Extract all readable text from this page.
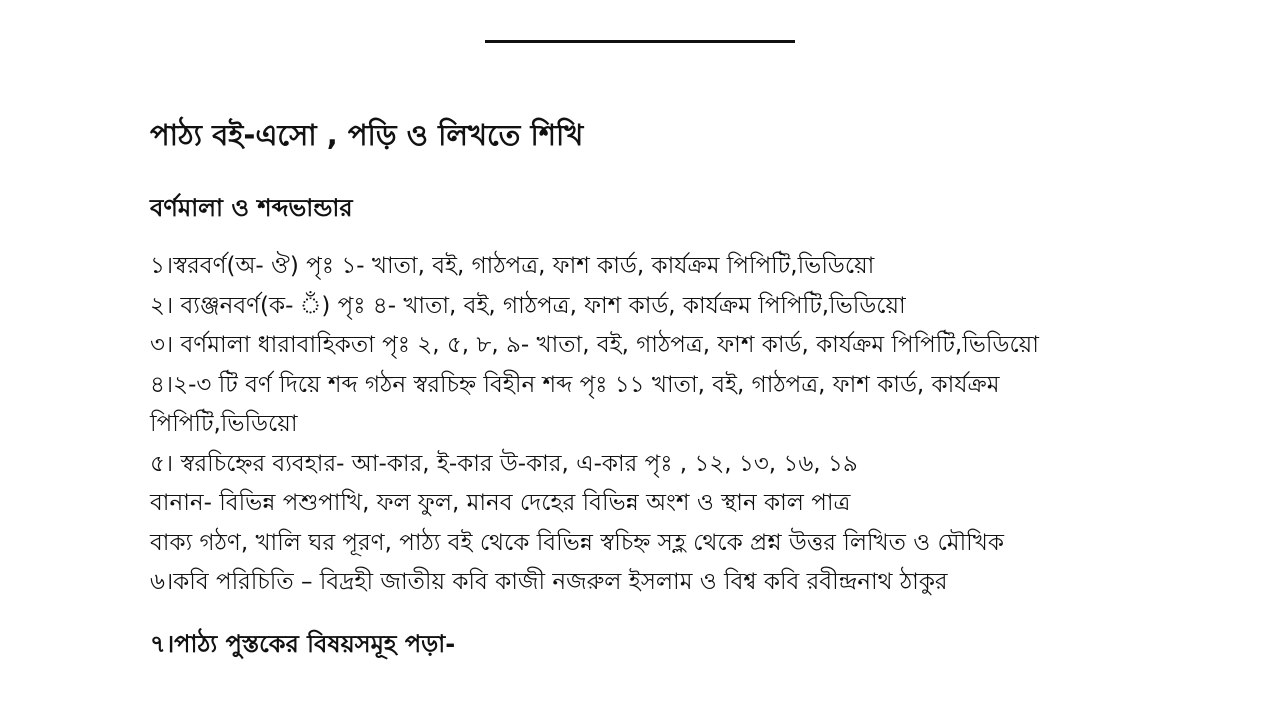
পাঠ্য বই-এসো , পড়ি ও লিখতে শিখি
বর্ণমালা ও শব্দভান্ডার

১।স্বরবর্ণ(অ- ঔ) পৃঃ ১- খাতা, বই, গাঠপত্র, ফাশ কার্ড, কার্যক্রম পিপিটি,ভিডিয়ো

২। ব্যঞ্জনবর্ণ(ক- ঁ) পৃঃ ৪- খাতা, বই, গাঠপত্র, ফাশ কার্ড, কার্যক্রম পিপিটি,ভিডিয়ো

৩। বর্ণমালা ধারাবাহিকতা পৃঃ ২, ৫, ৮, ৯- খাতা, বই, গাঠপত্র, ফাশ কার্ড, কার্যক্রম পিপিটি,ভিডিয়ো

৪।২-৩ টি বর্ণ দিয়ে শব্দ গঠন স্বরচিহ্ন বিহীন শব্দ পৃঃ ১১ খাতা, বই, গাঠপত্র, ফাশ কার্ড, কার্যক্রম

পিপিটি,ভিডিয়ো

৫। স্বরচিহ্নের ব্যবহার- আ-কার, ই-কার উ-কার, এ-কার পৃঃ , ১২, ১৩, ১৬, ১৯

বানান- বিভিন্ন পশুপাখি, ফল ফুল, মানব দেহের বিভিন্ন অংশ ও স্থান কাল পাত্র

বাক্য গঠণ, খালি ঘর পূরণ, পাঠ্য বই থেকে বিভিন্ন স্বচিহ্ন সহ্ল থেকে প্রশ্ন উত্তর লিখিত ও মৌখিক

৬।কবি পরিচিতি – বিদ্রহী জাতীয় কবি কাজী নজরুল ইসলাম ও বিশ্ব কবি রবীন্দ্রনাথ ঠাকুর

৭।পাঠ্য পুস্তকের বিষয়সমূহ পড়া-
